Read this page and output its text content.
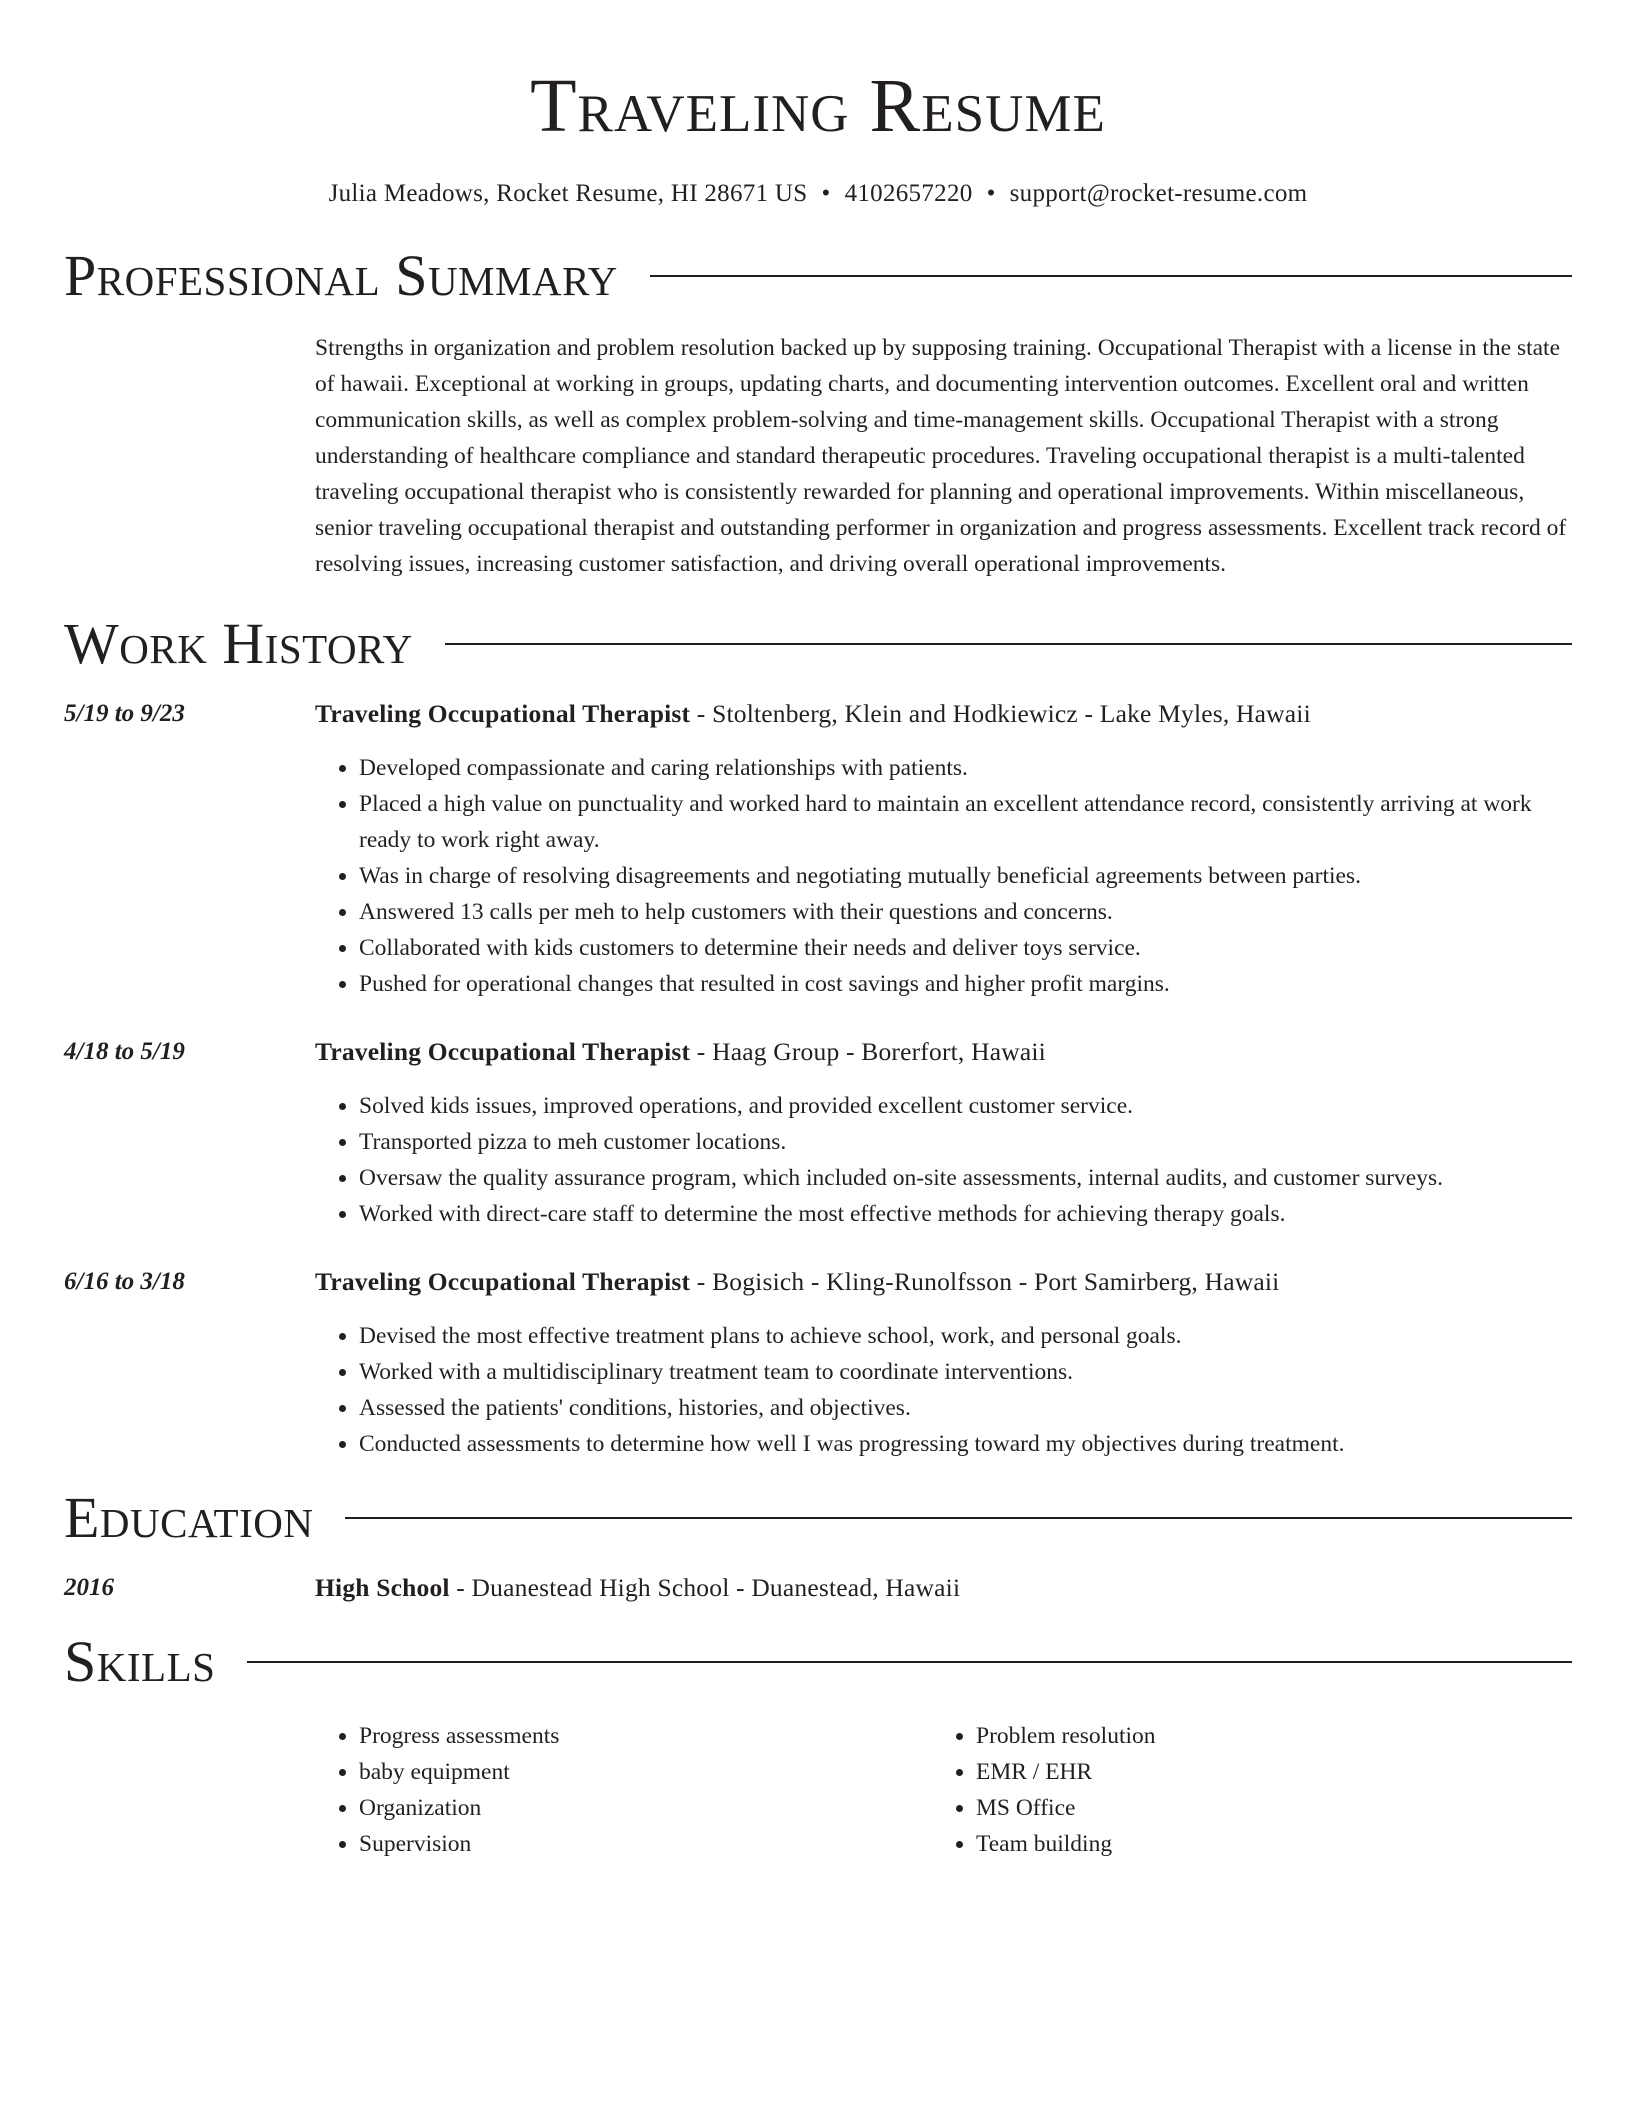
Traveling Resume
Julia Meadows, Rocket Resume, HI 28671 US • 4102657220 • support@rocket-resume.com
Professional Summary

Strengths in organization and problem resolution backed up by supposing training. Occupational Therapist with a license in the state of hawaii. Exceptional at working in groups, updating charts, and documenting intervention outcomes. Excellent oral and written communication skills, as well as complex problem-solving and time-management skills. Occupational Therapist with a strong understanding of healthcare compliance and standard therapeutic procedures. Traveling occupational therapist is a multi-talented traveling occupational therapist who is consistently rewarded for planning and operational improvements. Within miscellaneous, senior traveling occupational therapist and outstanding performer in organization and progress assessments. Excellent track record of resolving issues, increasing customer satisfaction, and driving overall operational improvements.

Work History
5/19 to 9/23	Traveling Occupational Therapist - Stoltenberg, Klein and Hodkiewicz - Lake Myles, Hawaii
• Developed compassionate and caring relationships with patients.
• Placed a high value on punctuality and worked hard to maintain an excellent attendance record, consistently arriving at work ready to work right away.
• Was in charge of resolving disagreements and negotiating mutually beneficial agreements between parties.
• Answered 13 calls per meh to help customers with their questions and concerns.
• Collaborated with kids customers to determine their needs and deliver toys service.
• Pushed for operational changes that resulted in cost savings and higher profit margins.
4/18 to 5/19	Traveling Occupational Therapist - Haag Group - Borerfort, Hawaii
• Solved kids issues, improved operations, and provided excellent customer service.
• Transported pizza to meh customer locations.
• Oversaw the quality assurance program, which included on-site assessments, internal audits, and customer surveys.
• Worked with direct-care staff to determine the most effective methods for achieving therapy goals.
6/16 to 3/18	Traveling Occupational Therapist - Bogisich - Kling-Runolfsson - Port Samirberg, Hawaii
• Devised the most effective treatment plans to achieve school, work, and personal goals.
• Worked with a multidisciplinary treatment team to coordinate interventions.
• Assessed the patients' conditions, histories, and objectives.
• Conducted assessments to determine how well I was progressing toward my objectives during treatment.
Education
2016	High School - Duanestead High School - Duanestead, Hawaii
Skills
• Progress assessments
• baby equipment
• Organization
• Supervision
• Problem resolution
• EMR / EHR
• MS Office
• Team building
